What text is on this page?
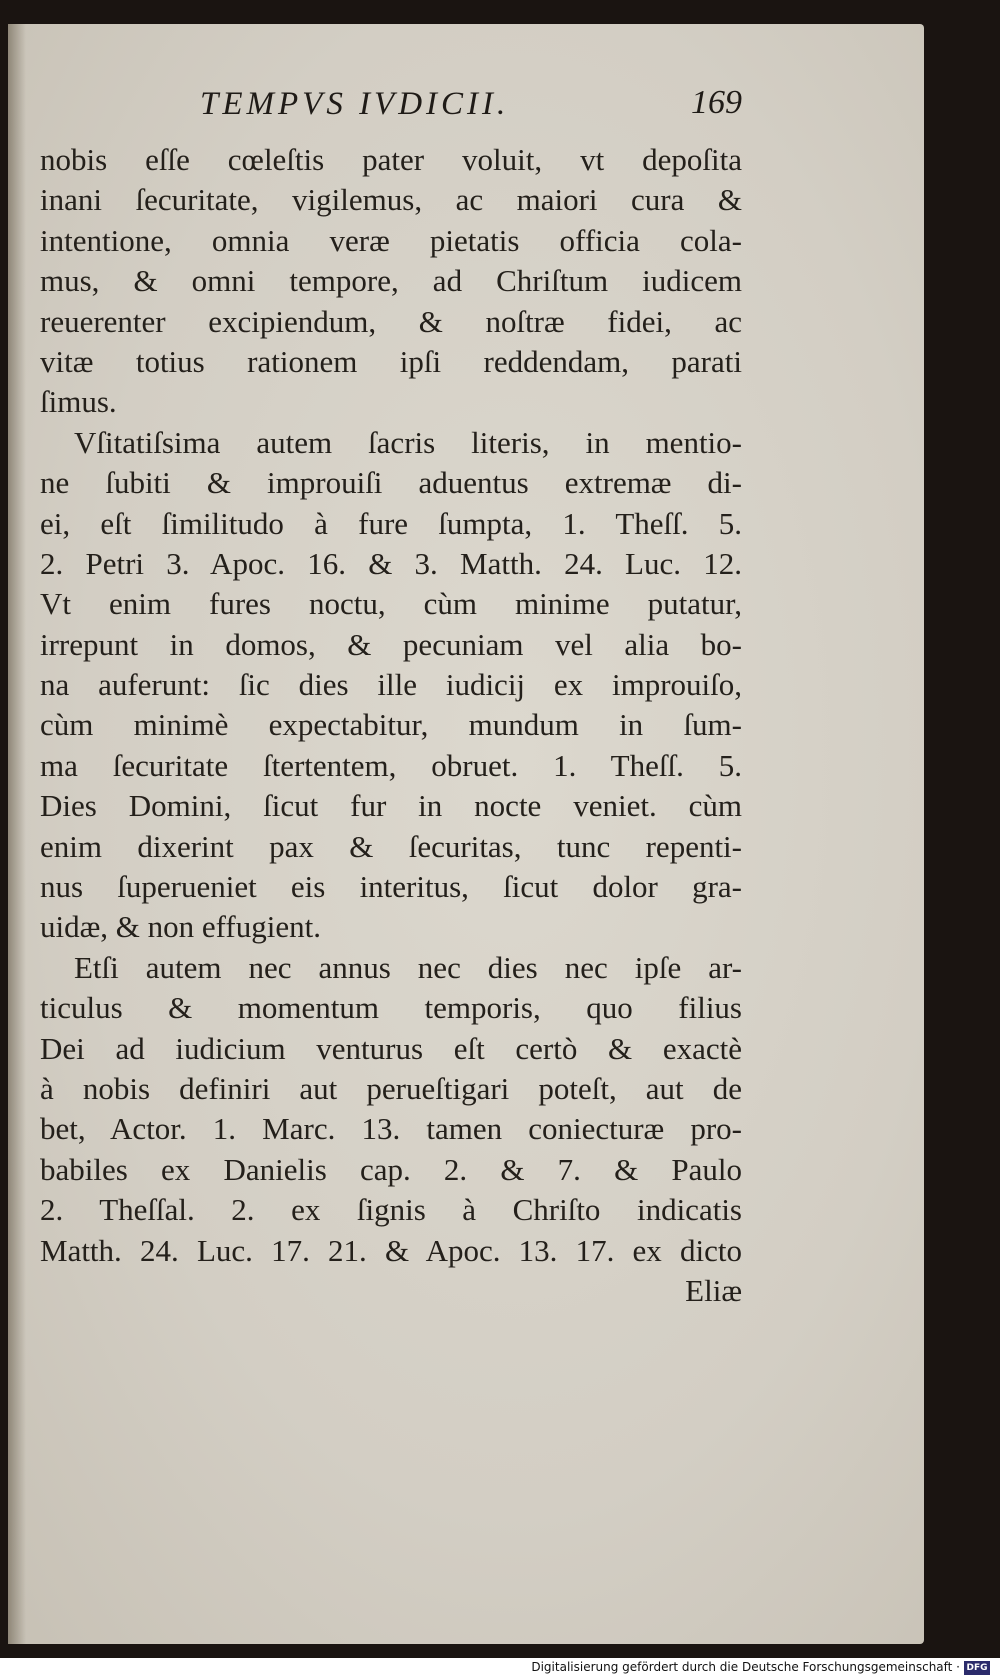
TEMPVS IVDICII.	169
nobis eſſe cœleſtis pater voluit, vt depoſita
inani ſecuritate, vigilemus, ac maiori cura &
intentione, omnia veræ pietatis officia cola-
mus, & omni tempore, ad Chriſtum iudicem
reuerenter excipiendum, & noſtræ fidei, ac
vitæ totius rationem ipſi reddendam, parati
ſimus.
Vſitatiſsima autem ſacris literis, in mentio-
ne ſubiti & improuiſi aduentus extremæ di-
ei, eſt ſimilitudo à fure ſumpta, 1. Theſſ. 5.
2. Petri 3. Apoc. 16. & 3. Matth. 24. Luc. 12.
Vt enim fures noctu, cùm minime putatur,
irrepunt in domos, & pecuniam vel alia bo-
na auferunt: ſic dies ille iudicij ex improuiſo,
cùm minimè expectabitur, mundum in ſum-
ma ſecuritate ſtertentem, obruet. 1. Theſſ. 5.
Dies Domini, ſicut fur in nocte veniet. cùm
enim dixerint pax & ſecuritas, tunc repenti-
nus ſuperueniet eis interitus, ſicut dolor gra-
uidæ, & non effugient.
Etſi autem nec annus nec dies nec ipſe ar-
ticulus & momentum temporis, quo filius
Dei ad iudicium venturus eſt certò & exactè
à nobis definiri aut perueſtigari poteſt, aut de
bet, Actor. 1. Marc. 13. tamen coniecturæ pro-
babiles ex Danielis cap. 2. & 7. & Paulo
2. Theſſal. 2. ex ſignis à Chriſto indicatis
Matth. 24. Luc. 17. 21. & Apoc. 13. 17. ex dicto
Eliæ
Digitalisierung gefördert durch die Deutsche Forschungsgemeinschaft · DFG
